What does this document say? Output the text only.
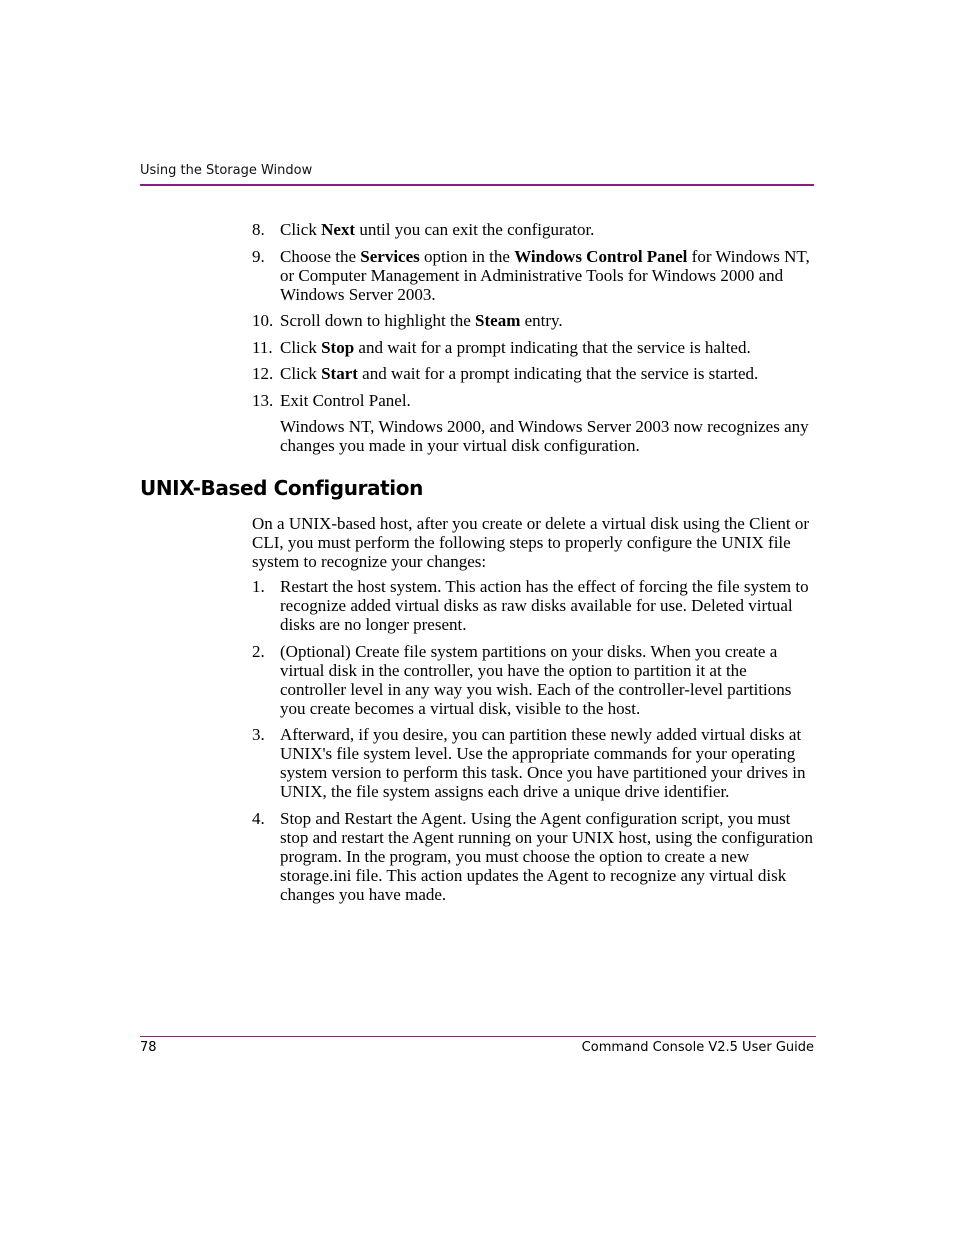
Using the Storage Window
8. Click Next until you can exit the configurator.
9. Choose the Services option in the Windows Control Panel for Windows NT, or Computer Management in Administrative Tools for Windows 2000 and Windows Server 2003.
10. Scroll down to highlight the Steam entry.
11. Click Stop and wait for a prompt indicating that the service is halted.
12. Click Start and wait for a prompt indicating that the service is started.
13. Exit Control Panel.

Windows NT, Windows 2000, and Windows Server 2003 now recognizes any changes you made in your virtual disk configuration.

UNIX-Based Configuration

On a UNIX-based host, after you create or delete a virtual disk using the Client or CLI, you must perform the following steps to properly configure the UNIX file system to recognize your changes:

1. Restart the host system. This action has the effect of forcing the file system to recognize added virtual disks as raw disks available for use. Deleted virtual disks are no longer present.
2. (Optional) Create file system partitions on your disks. When you create a virtual disk in the controller, you have the option to partition it at the controller level in any way you wish. Each of the controller-level partitions you create becomes a virtual disk, visible to the host.
3. Afterward, if you desire, you can partition these newly added virtual disks at UNIX's file system level. Use the appropriate commands for your operating system version to perform this task. Once you have partitioned your drives in UNIX, the file system assigns each drive a unique drive identifier.
4. Stop and Restart the Agent. Using the Agent configuration script, you must stop and restart the Agent running on your UNIX host, using the configuration program. In the program, you must choose the option to create a new storage.ini file. This action updates the Agent to recognize any virtual disk changes you have made.
78	Command Console V2.5 User Guide
